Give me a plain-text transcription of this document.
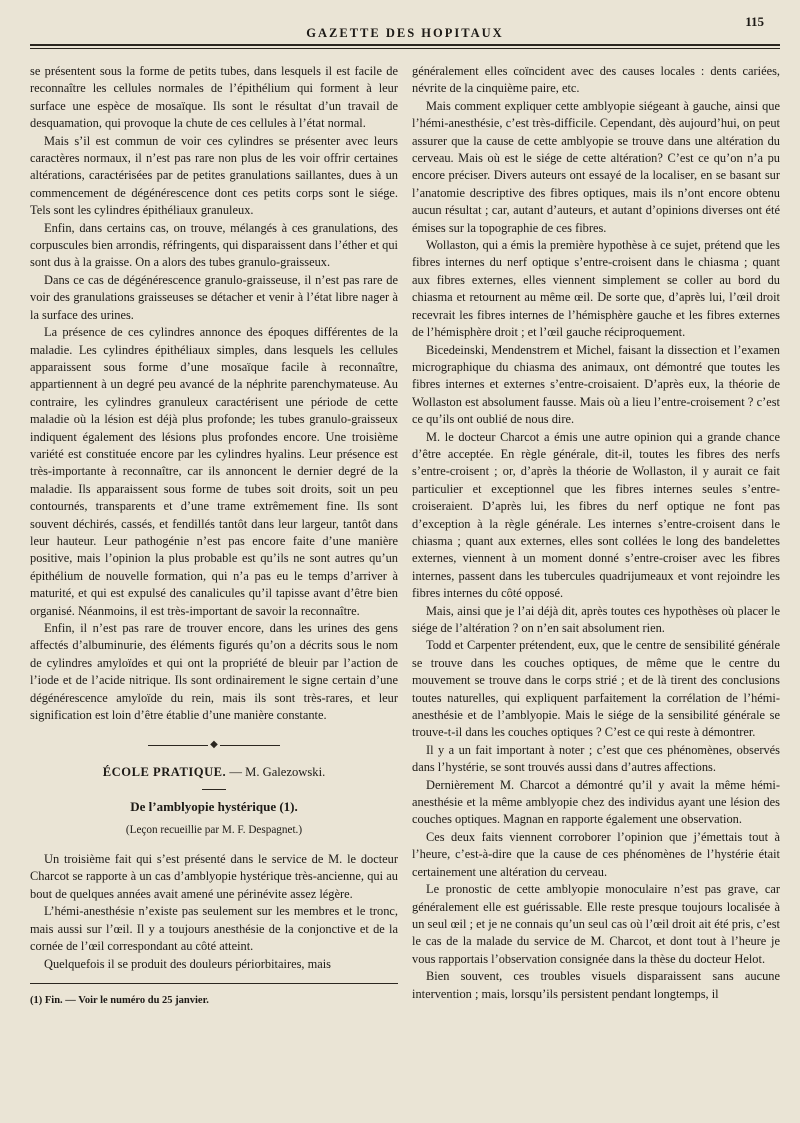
GAZETTE DES HOPITAUX
115

se présentent sous la forme de petits tubes, dans lesquels il est facile de reconnaître les cellules normales de l’épithélium qui forment à leur surface une espèce de mosaïque. Ils sont le résultat d’un travail de desquamation, qui provoque la chute de ces cellules à l’état normal.

Mais s’il est commun de voir ces cylindres se présenter avec leurs caractères normaux, il n’est pas rare non plus de les voir offrir certaines altérations, caractérisées par de petites granulations saillantes, dues à un commencement de dégénérescence dont ces petits corps sont le siége. Tels sont les cylindres épithéliaux granuleux.

Enfin, dans certains cas, on trouve, mélangés à ces granulations, des corpuscules bien arrondis, réfringents, qui disparaissent dans l’éther et qui sont dus à la graisse. On a alors des tubes granulo-graisseux.

Dans ce cas de dégénérescence granulo-graisseuse, il n’est pas rare de voir des granulations graisseuses se détacher et venir à l’état libre nager à la surface des urines.

La présence de ces cylindres annonce des époques différentes de la maladie. Les cylindres épithéliaux simples, dans lesquels les cellules apparaissent sous forme d’une mosaïque facile à reconnaître, appartiennent à un degré peu avancé de la néphrite parenchymateuse. Au contraire, les cylindres granuleux caractérisent une période de cette maladie où la lésion est déjà plus profonde; les tubes granulo-graisseux indiquent également des lésions plus profondes encore. Une troisième variété est constituée encore par les cylindres hyalins. Leur présence est très-importante à reconnaître, car ils annoncent le dernier degré de la maladie. Ils apparaissent sous forme de tubes soit droits, soit un peu contournés, transparents et d’une trame extrêmement fine. Ils sont souvent déchirés, cassés, et fendillés tantôt dans leur largeur, tantôt dans leur hauteur. Leur pathogénie n’est pas encore faite d’une manière positive, mais l’opinion la plus probable est qu’ils ne sont autres qu’un épithélium de nouvelle formation, qui n’a pas eu le temps d’arriver à maturité, et qui est expulsé des canalicules qu’il tapisse avant d’être bien organisé. Néanmoins, il est très-important de savoir la reconnaître.

Enfin, il n’est pas rare de trouver encore, dans les urines des gens affectés d’albuminurie, des éléments figurés qu’on a décrits sous le nom de cylindres amyloïdes et qui ont la propriété de bleuir par l’action de l’iode et de l’acide nitrique. Ils sont ordinairement le signe certain d’une dégénérescence amyloïde du rein, mais ils sont très-rares, et leur signification est loin d’être établie d’une manière constante.

◆
ÉCOLE PRATIQUE. — M. Galezowski.
De l’amblyopie hystérique (1).
(Leçon recueillie par M. F. Despagnet.)

Un troisième fait qui s’est présenté dans le service de M. le docteur Charcot se rapporte à un cas d’amblyopie hystérique très-ancienne, qui au bout de quelques années avait amené une périnévite assez légère.

L’hémi-anesthésie n’existe pas seulement sur les membres et le tronc, mais aussi sur l’œil. Il y a toujours anesthésie de la conjonctive et de la cornée de l’œil correspondant au côté atteint.

Quelquefois il se produit des douleurs périorbitaires, mais

(1) Fin. — Voir le numéro du 25 janvier.

généralement elles coïncident avec des causes locales : dents cariées, névrite de la cinquième paire, etc.

Mais comment expliquer cette amblyopie siégeant à gauche, ainsi que l’hémi-anesthésie, c’est très-difficile. Cependant, dès aujourd’hui, on peut assurer que la cause de cette amblyopie se trouve dans une altération du cerveau. Mais où est le siége de cette altération? C’est ce qu’on n’a pu encore préciser. Divers auteurs ont essayé de la localiser, en se basant sur l’anatomie descriptive des fibres optiques, mais ils n’ont encore obtenu aucun résultat ; car, autant d’auteurs, et autant d’opinions diverses ont été émises sur la topographie de ces fibres.

Wollaston, qui a émis la première hypothèse à ce sujet, prétend que les fibres internes du nerf optique s’entre-croisent dans le chiasma ; quant aux fibres externes, elles viennent simplement se coller au bord du chiasma et retournent au même œil. De sorte que, d’après lui, l’œil droit recevrait les fibres internes de l’hémisphère gauche et les fibres externes de l’hémisphère droit ; et l’œil gauche réciproquement.

Bicedeinski, Mendenstrem et Michel, faisant la dissection et l’examen micrographique du chiasma des animaux, ont démontré que toutes les fibres internes et externes s’entre-croisaient. D’après eux, la théorie de Wollaston est absolument fausse. Mais où a lieu l’entre-croisement ? c’est ce qu’ils ont oublié de nous dire.

M. le docteur Charcot a émis une autre opinion qui a grande chance d’être acceptée. En règle générale, dit-il, toutes les fibres des nerfs s’entre-croisent ; or, d’après la théorie de Wollaston, il y aurait ce fait particulier et exceptionnel que les fibres internes seules s’entre-croiseraient. D’après lui, les fibres du nerf optique ne font pas d’exception à la règle générale. Les internes s’entre-croisent dans le chiasma ; quant aux externes, elles sont collées le long des bandelettes externes, viennent à un moment donné s’entre-croiser avec les fibres internes, passent dans les tubercules quadrijumeaux et vont rejoindre les fibres internes du côté opposé.

Mais, ainsi que je l’ai déjà dit, après toutes ces hypothèses où placer le siége de l’altération ? on n’en sait absolument rien.

Todd et Carpenter prétendent, eux, que le centre de sensibilité générale se trouve dans les couches optiques, de même que le centre du mouvement se trouve dans le corps strié ; et de là tirent des conclusions toutes naturelles, qui expliquent parfaitement la corrélation de l’hémi-anesthésie et de l’amblyopie. Mais le siége de la sensibilité générale se trouve-t-il dans les couches optiques ? C’est ce qui reste à démontrer.

Il y a un fait important à noter ; c’est que ces phénomènes, observés dans l’hystérie, se sont trouvés aussi dans d’autres affections.

Dernièrement M. Charcot a démontré qu’il y avait la même hémi-anesthésie et la même amblyopie chez des individus ayant une lésion des couches optiques. Magnan en rapporte également une observation.

Ces deux faits viennent corroborer l’opinion que j’émettais tout à l’heure, c’est-à-dire que la cause de ces phénomènes de l’hystérie était certainement une altération du cerveau.

Le pronostic de cette amblyopie monoculaire n’est pas grave, car généralement elle est guérissable. Elle reste presque toujours localisée à un seul œil ; et je ne connais qu’un seul cas où l’œil droit ait été pris, c’est le cas de la malade du service de M. Charcot, et dont tout à l’heure je vous rapportais l’observation consignée dans la thèse du docteur Helot.

Bien souvent, ces troubles visuels disparaissent sans aucune intervention ; mais, lorsqu’ils persistent pendant longtemps, il
